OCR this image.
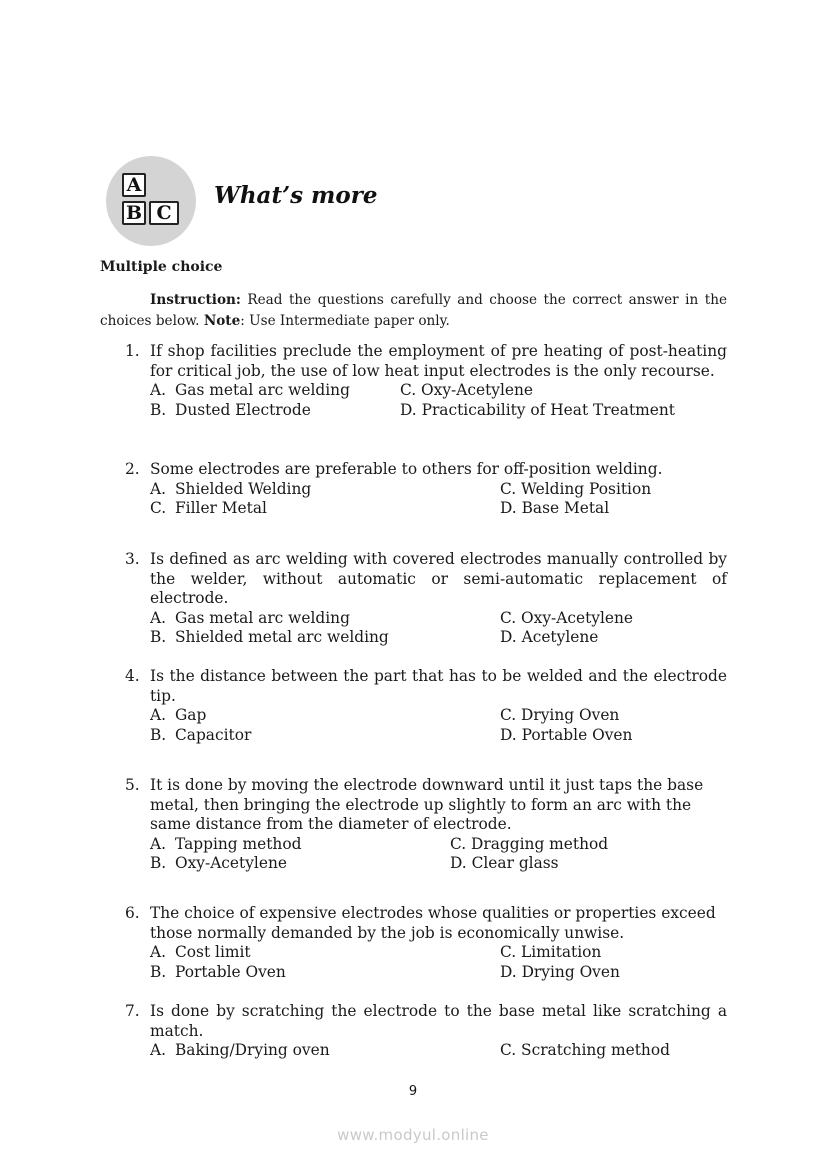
A
B C
What’s more
Multiple choice
Instruction: Read the questions carefully and choose the correct answer in the choices below. Note: Use Intermediate paper only.
1. If shop facilities preclude the employment of pre heating of post-heating for critical job, the use of low heat input electrodes is the only recourse.
A. Gas metal arc welding	C. Oxy-Acetylene
B. Dusted Electrode	D. Practicability of Heat Treatment
2. Some electrodes are preferable to others for off-position welding.
A. Shielded Welding	C. Welding Position
C. Filler Metal	D. Base Metal
3. Is defined as arc welding with covered electrodes manually controlled by the welder, without automatic or semi-automatic replacement of electrode.
A. Gas metal arc welding	C. Oxy-Acetylene
B. Shielded metal arc welding	D. Acetylene
4. Is the distance between the part that has to be welded and the electrode tip.
A. Gap	C. Drying Oven
B. Capacitor	D. Portable Oven
5. It is done by moving the electrode downward until it just taps the base metal, then bringing the electrode up slightly to form an arc with the same distance from the diameter of electrode.
A. Tapping method	C. Dragging method
B. Oxy-Acetylene	D. Clear glass
6. The choice of expensive electrodes whose qualities or properties exceed those normally demanded by the job is economically unwise.
A. Cost limit	C. Limitation
B. Portable Oven	D. Drying Oven
7. Is done by scratching the electrode to the base metal like scratching a match.
A. Baking/Drying oven	C. Scratching method
9
www.modyul.online
